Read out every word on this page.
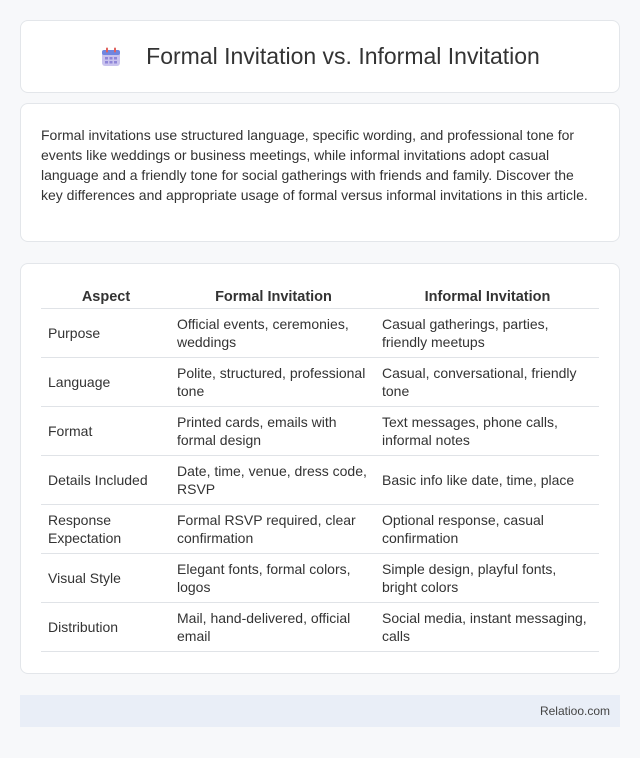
Formal Invitation vs. Informal Invitation

Formal invitations use structured language, specific wording, and professional tone for events like weddings or business meetings, while informal invitations adopt casual language and a friendly tone for social gatherings with friends and family. Discover the key differences and appropriate usage of formal versus informal invitations in this article.

Aspect	Formal Invitation	Informal Invitation
Purpose	Official events, ceremonies, weddings	Casual gatherings, parties, friendly meetups
Language	Polite, structured, professional tone	Casual, conversational, friendly tone
Format	Printed cards, emails with formal design	Text messages, phone calls, informal notes
Details Included	Date, time, venue, dress code, RSVP	Basic info like date, time, place
Response Expectation	Formal RSVP required, clear confirmation	Optional response, casual confirmation
Visual Style	Elegant fonts, formal colors, logos	Simple design, playful fonts, bright colors
Distribution	Mail, hand-delivered, official email	Social media, instant messaging, calls
Relatioo.com
